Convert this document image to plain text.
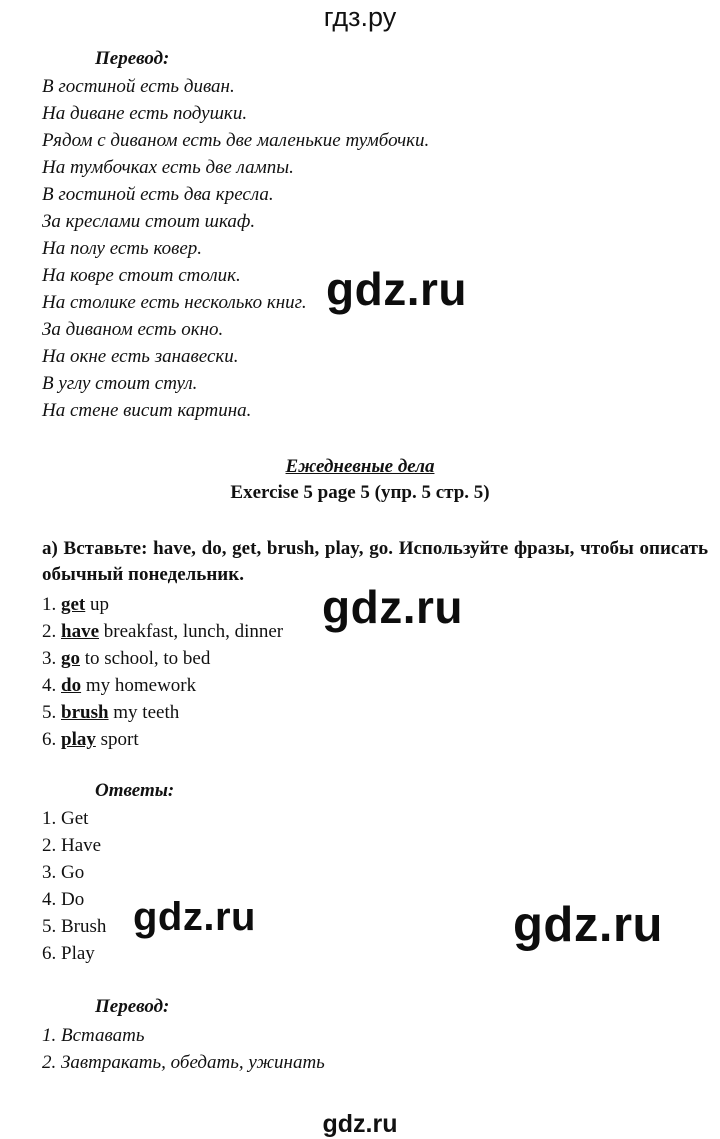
гдз.ру
Перевод:
В гостиной есть диван.
На диване есть подушки.
Рядом с диваном есть две маленькие тумбочки.
На тумбочках есть две лампы.
В гостиной есть два кресла.
За креслами стоит шкаф.
На полу есть ковер.
На ковре стоит столик.
На столике есть несколько книг.
За диваном есть окно.
На окне есть занавески.
В углу стоит стул.
На стене висит картина.
gdz.ru
Ежедневные дела
Exercise 5 page 5 (упр. 5 стр. 5)
a) Вставьте: have, do, get, brush, play, go. Используйте фразы, чтобы описать обычный понедельник.
1. get up
2. have breakfast, lunch, dinner
3. go to school, to bed
4. do my homework
5. brush my teeth
6. play sport
gdz.ru
Ответы:
1. Get
2. Have
3. Go
4. Do
5. Brush
6. Play
gdz.ru	gdz.ru
Перевод:
1. Вставать
2. Завтракать, обедать, ужинать
gdz.ru
